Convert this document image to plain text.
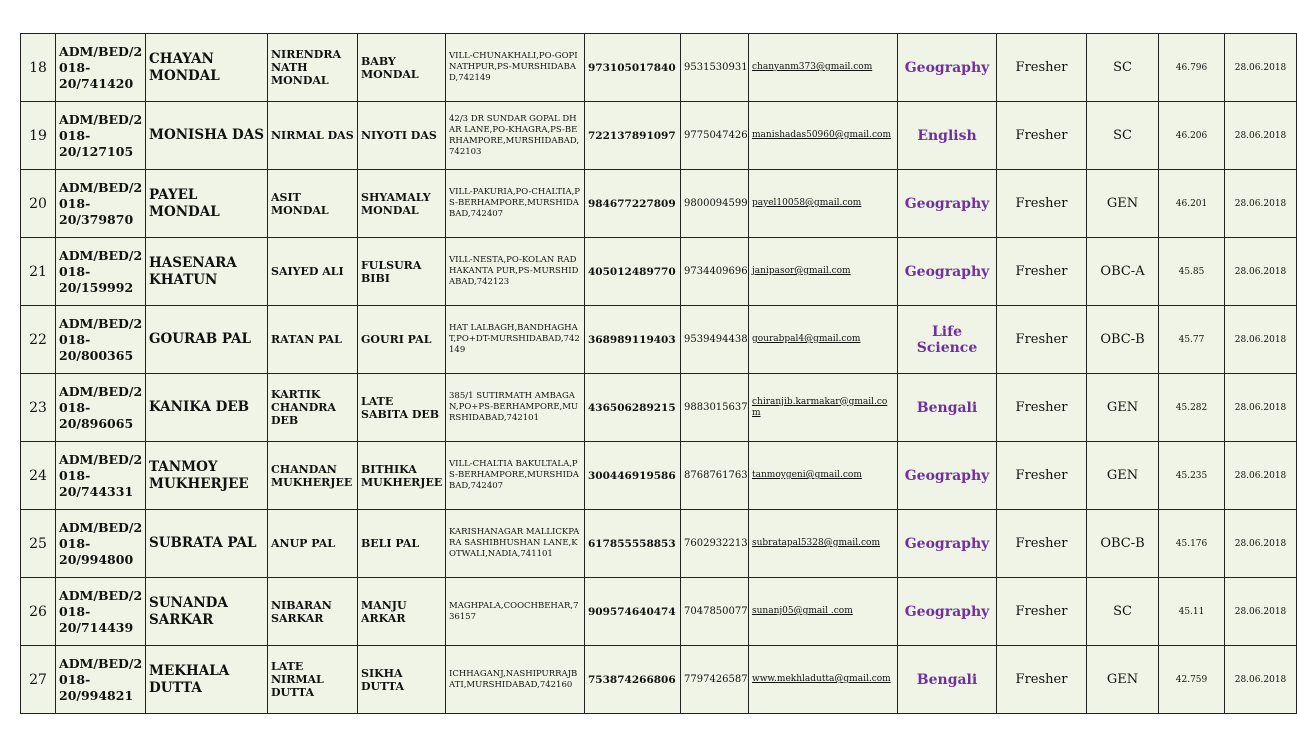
18	ADM/BED/2 018- 20/741420	CHAYAN MONDAL	NIRENDRA NATH MONDAL	BABY MONDAL	VILL-CHUNAKHALI,PO-GOPINATHPUR,PS-MURSHIDABAD,742149	973105017840	9531530931	chanyanm373@gmail.com	Geography	Fresher	SC	46.796	28.06.2018
19	ADM/BED/2 018- 20/127105	MONISHA DAS	NIRMAL DAS	NIYOTI DAS	42/3 DR SUNDAR GOPAL DHAR LANE,PO-KHAGRA,PS-BERHAMPORE,MURSHIDABAD,742103	722137891097	9775047426	manishadas50960@gmail.com	English	Fresher	SC	46.206	28.06.2018
20	ADM/BED/2 018- 20/379870	PAYEL MONDAL	ASIT MONDAL	SHYAMALY MONDAL	VILL-PAKURIA,PO-CHALTIA,PS-BERHAMPORE,MURSHIDABAD,742407	984677227809	9800094599	payel10058@gmail.com	Geography	Fresher	GEN	46.201	28.06.2018
21	ADM/BED/2 018- 20/159992	HASENARA KHATUN	SAIYED ALI	FULSURA BIBI	VILL-NESTA,PO-KOLAN RADHAKANTA PUR,PS-MURSHIDABAD,742123	405012489770	9734409696	janipasor@gmail.com	Geography	Fresher	OBC-A	45.85	28.06.2018
22	ADM/BED/2 018- 20/800365	GOURAB PAL	RATAN PAL	GOURI PAL	HAT LALBAGH,BANDHAGHAT,PO+DT-MURSHIDABAD,742149	368989119403	9539494438	gourabpal4@gmail.com	Life Science	Fresher	OBC-B	45.77	28.06.2018
23	ADM/BED/2 018- 20/896065	KANIKA DEB	KARTIK CHANDRA DEB	LATE SABITA DEB	385/1 SUTIRMATH AMBAGAN,PO+PS-BERHAMPORE,MURSHIDABAD,742101	436506289215	9883015637	chiranjib.karmakar@gmail.com	Bengali	Fresher	GEN	45.282	28.06.2018
24	ADM/BED/2 018- 20/744331	TANMOY MUKHERJEE	CHANDAN MUKHERJEE	BITHIKA MUKHERJEE	VILL-CHALTIA BAKULTALA,PS-BERHAMPORE,MURSHIDABAD,742407	300446919586	8768761763	tanmoygeni@gmail.com	Geography	Fresher	GEN	45.235	28.06.2018
25	ADM/BED/2 018- 20/994800	SUBRATA PAL	ANUP PAL	BELI PAL	KARISHANAGAR MALLICKPARA SASHIBHUSHAN LANE,KOTWALI,NADIA,741101	617855558853	7602932213	subratapal5328@gmail.com	Geography	Fresher	OBC-B	45.176	28.06.2018
26	ADM/BED/2 018- 20/714439	SUNANDA SARKAR	NIBARAN SARKAR	MANJU ARKAR	MAGHPALA,COOCHBEHAR,736157	909574640474	7047850077	sunanj05@gmail .com	Geography	Fresher	SC	45.11	28.06.2018
27	ADM/BED/2 018- 20/994821	MEKHALA DUTTA	LATE NIRMAL DUTTA	SIKHA DUTTA	ICHHAGANJ,NASHIPURRAJBATI,MURSHIDABAD,742160	753874266806	7797426587	www.mekhladutta@gmail.com	Bengali	Fresher	GEN	42.759	28.06.2018
